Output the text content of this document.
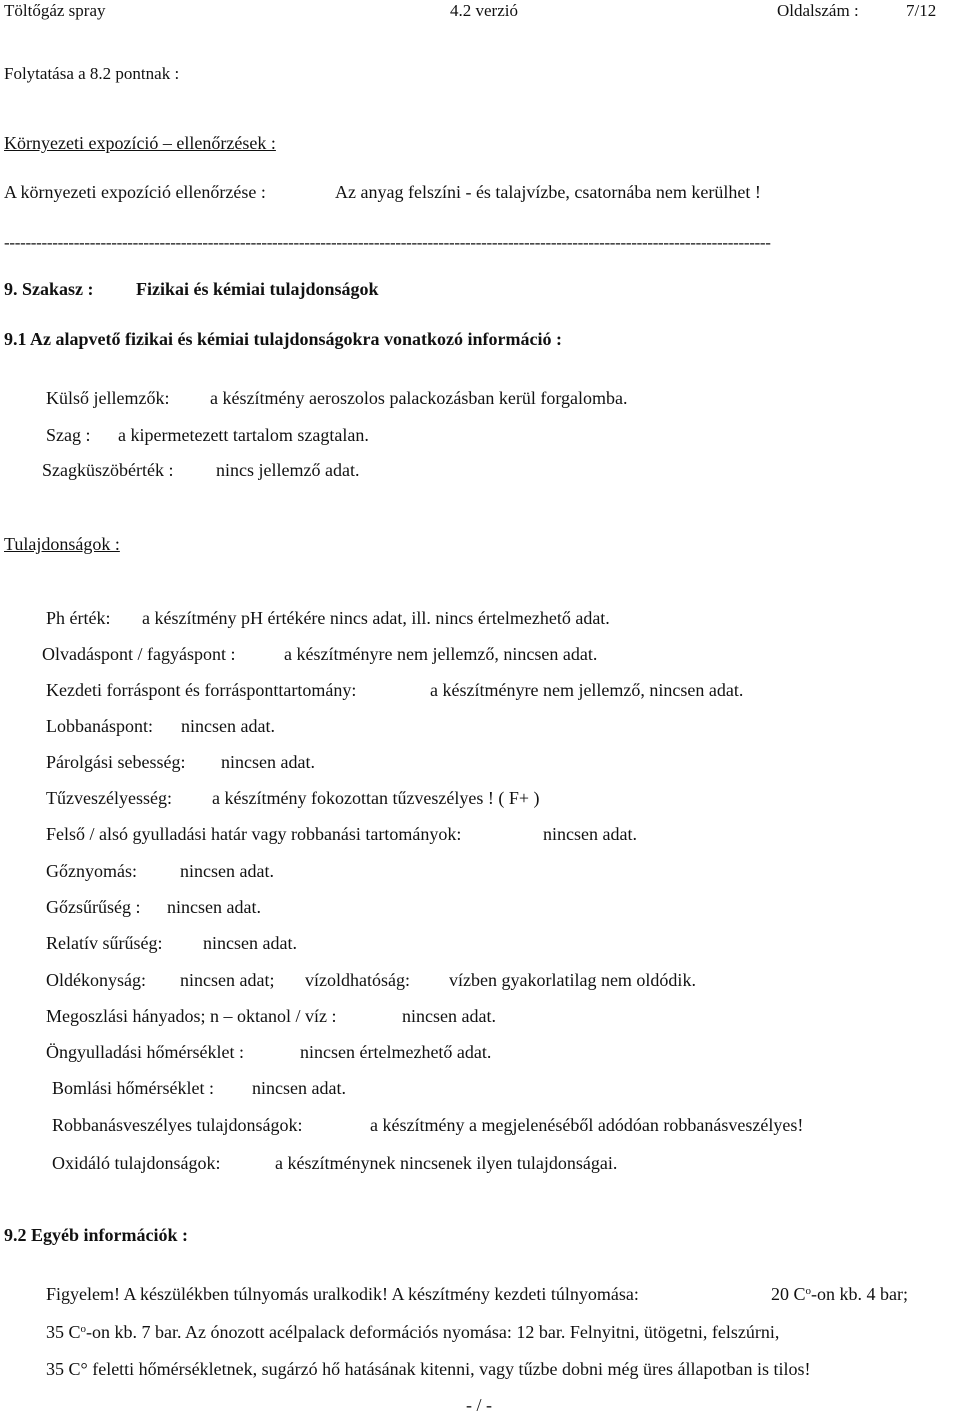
Töltőgáz spray	4.2 verzió	Oldalszám :	7/12
Folytatása a 8.2 pontnak :
Környezeti expozíció – ellenőrzések :
A környezeti expozíció ellenőrzése :	Az anyag felszíni - és talajvízbe, csatornába nem kerülhet !
-----------------------------------------------------------------------------------------------------------------------------------------------
9. Szakasz : Fizikai és kémiai tulajdonságok
9.1 Az alapvető fizikai és kémiai tulajdonságokra vonatkozó információ :
Külső jellemzők: a készítmény aeroszolos palackozásban kerül forgalomba.
Szag : a kipermetezett tartalom szagtalan.
Szagküszöbérték : nincs jellemző adat.
Tulajdonságok :
Ph érték: a készítmény pH értékére nincs adat, ill. nincs értelmezhető adat.
Olvadáspont / fagyáspont :	a készítményre nem jellemző, nincsen adat.
Kezdeti forráspont és forrásponttartomány:	a készítményre nem jellemző, nincsen adat.
Lobbanáspont: nincsen adat.
Párolgási sebesség: nincsen adat.
Tűzveszélyesség: a készítmény fokozottan tűzveszélyes ! ( F+ )
Felső / alsó gyulladási határ vagy robbanási tartományok:	nincsen adat.
Gőznyomás: nincsen adat.
Gőzsűrűség : nincsen adat.
Relatív sűrűség: nincsen adat.
Oldékonyság: nincsen adat; vízoldhatóság: vízben gyakorlatilag nem oldódik.
Megoszlási hányados; n – oktanol / víz :	nincsen adat.
Öngyulladási hőmérséklet :	nincsen értelmezhető adat.
Bomlási hőmérséklet : nincsen adat.
Robbanásveszélyes tulajdonságok:	a készítmény a megjelenéséből adódóan robbanásveszélyes!
Oxidáló tulajdonságok:	a készítménynek nincsenek ilyen tulajdonságai.
9.2 Egyéb információk :
Figyelem! A készülékben túlnyomás uralkodik! A készítmény kezdeti túlnyomása:	20 $C^o-on$ kb. 4 bar;
35 $C^o-on$ kb. 7 bar. Az ónozott acélpalack deformációs nyomása: 12 bar. Felnyitni, ütögetni, felszúrni,
35 C° feletti hőmérsékletnek, sugárzó hő hatásának kitenni, vagy tűzbe dobni még üres állapotban is tilos!
- / -
